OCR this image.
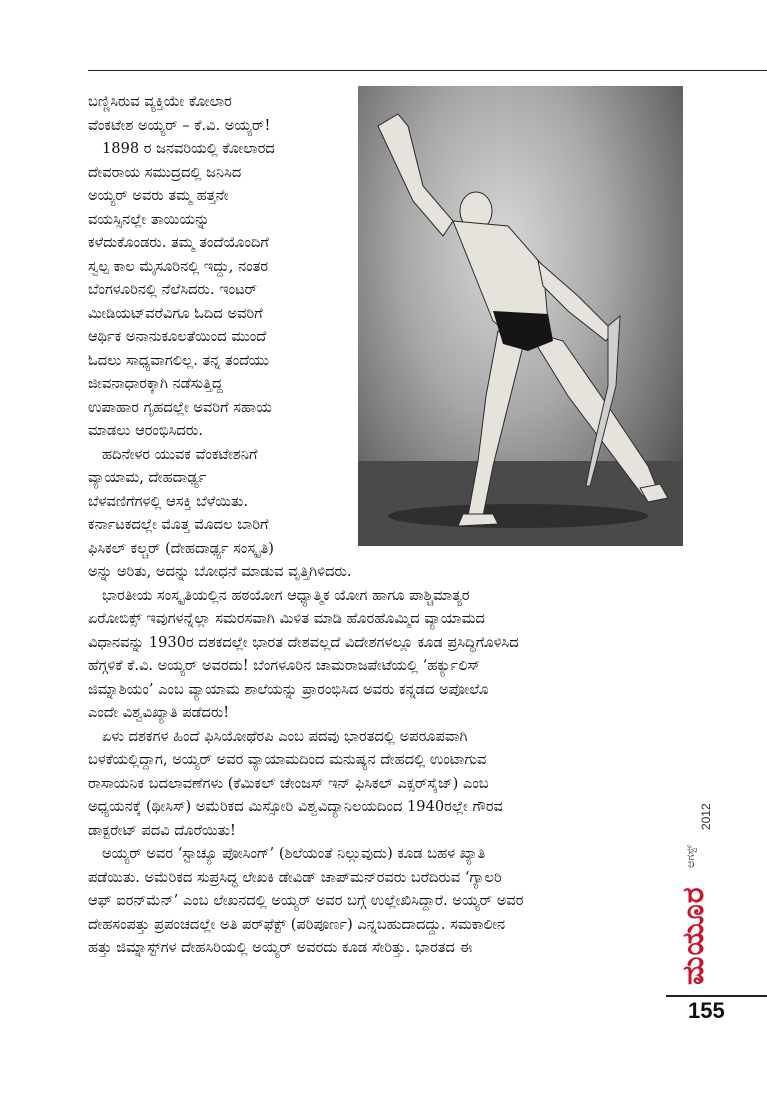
ಬಣ್ಣಿಸಿರುವ ವ್ಯಕ್ತಿಯೇ ಕೋಲಾರ

ವೆಂಕಟೇಶ ಅಯ್ಯರ್ – ಕೆ.ವಿ. ಅಯ್ಯರ್!

1898 ರ ಜನವರಿಯಲ್ಲಿ ಕೋಲಾರದ

ದೇವರಾಯ ಸಮುದ್ರದಲ್ಲಿ ಜನಿಸಿದ

ಅಯ್ಯರ್ ಅವರು ತಮ್ಮ ಹತ್ತನೇ

ವಯಸ್ಸಿನಲ್ಲೇ ತಾಯಿಯನ್ನು

ಕಳೆದುಕೊಂಡರು. ತಮ್ಮ ತಂದೆಯೊಂದಿಗೆ

ಸ್ವಲ್ಪ ಕಾಲ ಮೈಸೂರಿನಲ್ಲಿ ಇದ್ದು, ನಂತರ

ಬೆಂಗಳೂರಿನಲ್ಲಿ ನೆಲೆಸಿದರು. ಇಂಟರ್

ಮೀಡಿಯಟ್‌ವರೆವಿಗೂ ಓದಿದ ಅವರಿಗೆ

ಆರ್ಥಿಕ ಅನಾನುಕೂಲತೆಯಿಂದ ಮುಂದೆ

ಓದಲು ಸಾಧ್ಯವಾಗಲಿಲ್ಲ. ತನ್ನ ತಂದೆಯು

ಜೀವನಾಧಾರಕ್ಕಾಗಿ ನಡೆಸುತ್ತಿದ್ದ

ಉಪಾಹಾರ ಗೃಹದಲ್ಲೇ ಅವರಿಗೆ ಸಹಾಯ

ಮಾಡಲು ಆರಂಭಿಸಿದರು.

ಹದಿನೇಳರ ಯುವಕ ವೆಂಕಟೇಶನಿಗೆ

ವ್ಯಾಯಾಮ, ದೇಹದಾರ್ಢ್ಯ

ಬೆಳವಣಿಗೆಗಳಲ್ಲಿ ಆಸಕ್ತಿ ಬೆಳೆಯಿತು.

ಕರ್ನಾಟಕದಲ್ಲೇ ಮೊತ್ತ ಮೊದಲ ಬಾರಿಗೆ

ಫಿಸಿಕಲ್ ಕಲ್ಚರ್ (ದೇಹದಾರ್ಢ್ಯ ಸಂಸ್ಕೃತಿ)

ಅನ್ನು ಅರಿತು, ಅದನ್ನು ಬೋಧನೆ ಮಾಡುವ ವೃತ್ತಿಗಿಳಿದರು.

ಭಾರತೀಯ ಸಂಸ್ಕೃತಿಯಲ್ಲಿನ ಹಠಯೋಗ ಆಧ್ಯಾತ್ಮಿಕ ಯೋಗ ಹಾಗೂ ಪಾಶ್ಚಿಮಾತ್ಯರ

ಏರೋಬಿಕ್ಸ್ ಇವುಗಳನ್ನೆಲ್ಲಾ ಸಮರಸವಾಗಿ ಮಿಳಿತ ಮಾಡಿ ಹೊರಹೊಮ್ಮಿದ ವ್ಯಾಯಾಮದ

ವಿಧಾನವನ್ನು 1930ರ ದಶಕದಲ್ಲೇ ಭಾರತ ದೇಶವಲ್ಲದೆ ವಿದೇಶಗಳಲ್ಲೂ ಕೂಡ ಪ್ರಸಿದ್ಧಿಗೊಳಿಸಿದ

ಹೆಗ್ಗಳಿಕೆ ಕೆ.ವಿ. ಅಯ್ಯರ್ ಅವರದು! ಬೆಂಗಳೂರಿನ ಚಾಮರಾಜಪೇಟೆಯಲ್ಲಿ ‘ಹರ್ಕ್ಯುಲಿಸ್

ಜಿಮ್ನಾಶಿಯಂ’ ಎಂಬ ವ್ಯಾಯಾಮ ಶಾಲೆಯನ್ನು ಪ್ರಾರಂಭಿಸಿದ ಅವರು ಕನ್ನಡದ ಅಪೋಲೊ

ಎಂದೇ ವಿಶ್ವವಿಖ್ಯಾತಿ ಪಡೆದರು!

ಏಳು ದಶಕಗಳ ಹಿಂದೆ ಫಿಸಿಯೋಥೆರಪಿ ಎಂಬ ಪದವು ಭಾರತದಲ್ಲಿ ಅಪರೂಪವಾಗಿ

ಬಳಕೆಯಲ್ಲಿದ್ದಾಗ, ಅಯ್ಯರ್ ಅವರ ವ್ಯಾಯಾಮದಿಂದ ಮನುಷ್ಯನ ದೇಹದಲ್ಲಿ ಉಂಟಾಗುವ

ರಾಸಾಯನಿಕ ಬದಲಾವಣೆಗಳು (ಕೆಮಿಕಲ್ ಚೇಂಜಸ್ ಇನ್ ಫಿಸಿಕಲ್ ಎಕ್ಸರ್‌ಸೈಜ್) ಎಂಬ

ಅಧ್ಯಯನಕ್ಕೆ (ಥೀಸಿಸ್) ಅಮೆರಿಕದ ಮಿಸ್ಸೋರಿ ವಿಶ್ವವಿದ್ಯಾನಿಲಯದಿಂದ 1940ರಲ್ಲೇ ಗೌರವ

ಡಾಕ್ಟರೇಟ್ ಪದವಿ ದೊರೆಯಿತು!

ಅಯ್ಯರ್ ಅವರ ‘ಸ್ಟಾಚ್ಯೂ ಪೋಸಿಂಗ್’ (ಶಿಲೆಯಂತೆ ನಿಲ್ಲುವುದು) ಕೂಡ ಬಹಳ ಖ್ಯಾತಿ

ಪಡೆಯಿತು. ಅಮೆರಿಕದ ಸುಪ್ರಸಿದ್ಧ ಲೇಖಕಿ ಡೇವಿಡ್ ಚಾಪ್‌ಮನ್‌ರವರು ಬರೆದಿರುವ ‘ಗ್ಯಾಲರಿ

ಆಫ್ ಐರನ್‌ಮೆನ್’ ಎಂಬ ಲೇಖನದಲ್ಲಿ ಅಯ್ಯರ್ ಅವರ ಬಗ್ಗೆ ಉಲ್ಲೇಖಿಸಿದ್ದಾರೆ. ಅಯ್ಯರ್ ಅವರ

ದೇಹಸಂಪತ್ತು ಪ್ರಪಂಚದಲ್ಲೇ ಅತಿ ಪರ್‌ಫೆಕ್ಟ್ (ಪರಿಪೂರ್ಣ) ಎನ್ನಬಹುದಾದದ್ದು. ಸಮಕಾಲೀನ

ಹತ್ತು ಜಿಮ್ನಾಸ್ಟ್‌ಗಳ ದೇಹಸಿರಿಯಲ್ಲಿ ಅಯ್ಯರ್ ಅವರದು ಕೂಡ ಸೇರಿತ್ತು. ಭಾರತದ ಈ	ಮಯೂರ
ಆಗಸ್ಟ್
2012
155
